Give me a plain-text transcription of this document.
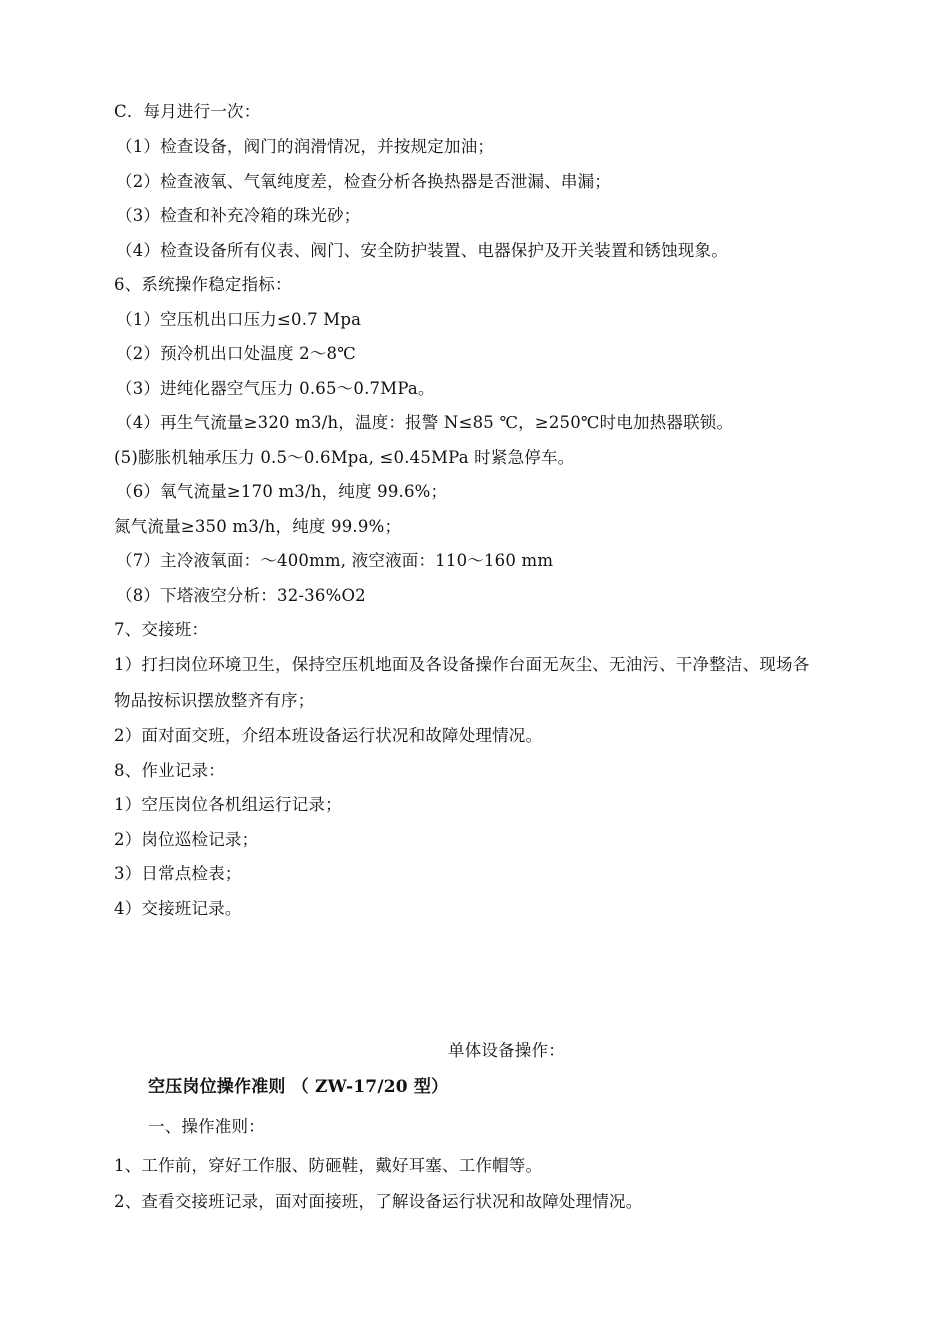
C．每月进行一次：
（1）检查设备，阀门的润滑情况，并按规定加油；
（2）检查液氧、气氧纯度差，检查分析各换热器是否泄漏、串漏；
（3）检查和补充冷箱的珠光砂；
（4）检查设备所有仪表、阀门、安全防护装置、电器保护及开关装置和锈蚀现象。
6、系统操作稳定指标：
（1）空压机出口压力≤0.7 Mpa
（2）预冷机出口处温度 2～8℃
（3）进纯化器空气压力 0.65～0.7MPa。
（4）再生气流量≥320 m3/h，温度：报警 N≤85 ℃，≥250℃时电加热器联锁。
(5)膨胀机轴承压力 0.5～0.6Mpa, ≤0.45MPa 时紧急停车。
（6）氧气流量≥170 m3/h，纯度 99.6%；
氮气流量≥350 m3/h，纯度 99.9%；
（7）主冷液氧面：～400mm, 液空液面：110～160 mm
（8）下塔液空分析：32-36%O2
7、交接班：
1）打扫岗位环境卫生，保持空压机地面及各设备操作台面无灰尘、无油污、干净整洁、现场各
物品按标识摆放整齐有序；
2）面对面交班，介绍本班设备运行状况和故障处理情况。
8、作业记录：
1）空压岗位各机组运行记录；
2）岗位巡检记录；
3）日常点检表；
4）交接班记录。
单体设备操作：
空压岗位操作准则 （ ZW-17/20 型）
一、操作准则：
1、工作前，穿好工作服、防砸鞋，戴好耳塞、工作帽等。
2、查看交接班记录，面对面接班，了解设备运行状况和故障处理情况。
